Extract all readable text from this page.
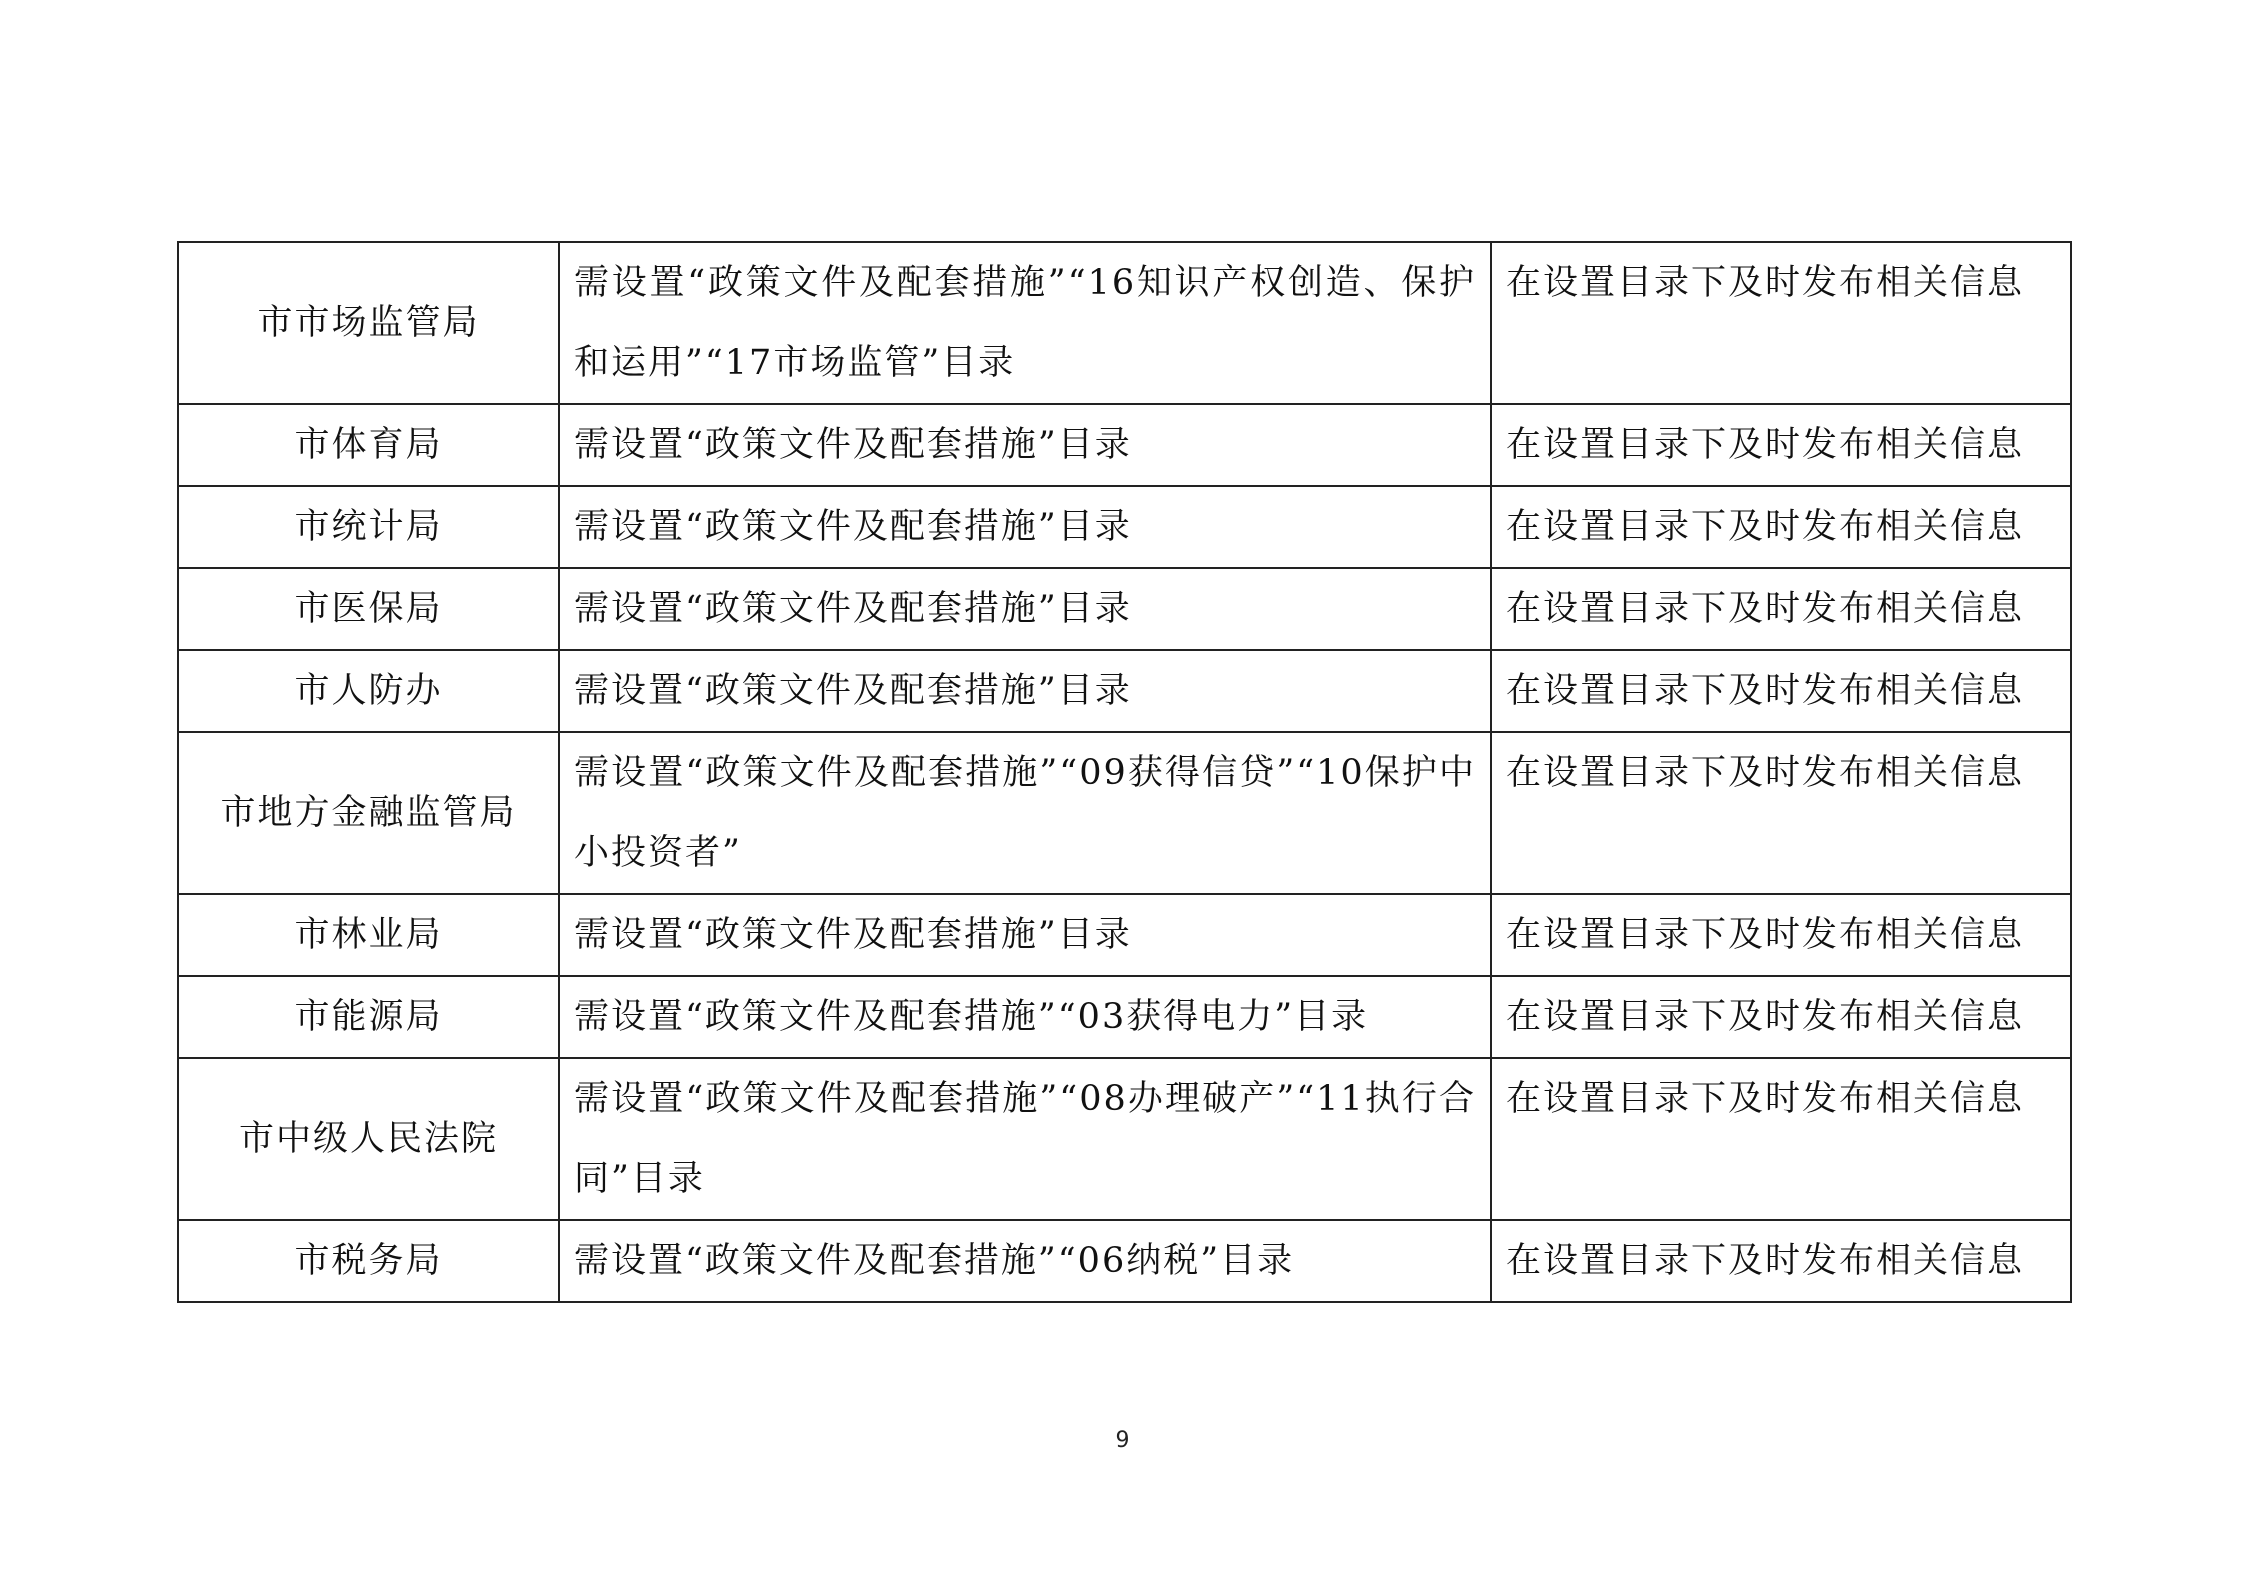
市市场监管局	需设置“政策文件及配套措施”“16知识产权创造、保护和运用”“17市场监管”目录	在设置目录下及时发布相关信息
市体育局	需设置“政策文件及配套措施”目录	在设置目录下及时发布相关信息
市统计局	需设置“政策文件及配套措施”目录	在设置目录下及时发布相关信息
市医保局	需设置“政策文件及配套措施”目录	在设置目录下及时发布相关信息
市人防办	需设置“政策文件及配套措施”目录	在设置目录下及时发布相关信息
市地方金融监管局	需设置“政策文件及配套措施”“09获得信贷”“10保护中小投资者”	在设置目录下及时发布相关信息
市林业局	需设置“政策文件及配套措施”目录	在设置目录下及时发布相关信息
市能源局	需设置“政策文件及配套措施”“03获得电力”目录	在设置目录下及时发布相关信息
市中级人民法院	需设置“政策文件及配套措施”“08办理破产”“11执行合同”目录	在设置目录下及时发布相关信息
市税务局	需设置“政策文件及配套措施”“06纳税”目录	在设置目录下及时发布相关信息
9
